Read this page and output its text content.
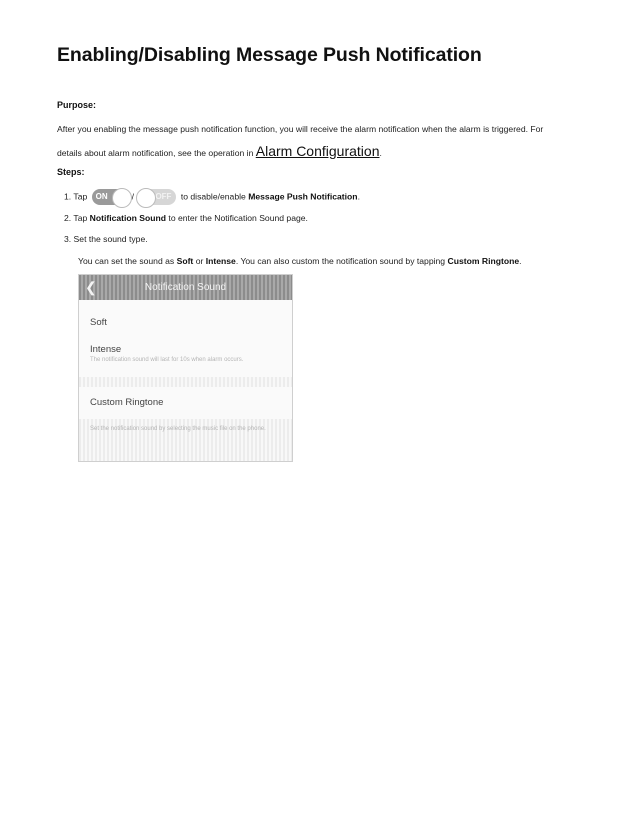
Enabling/Disabling Message Push Notification
Purpose:
After you enabling the message push notification function, you will receive the alarm notification when the alarm is triggered. For
details about alarm notification, see the operation in Alarm Configuration.
Steps:
1. Tap ON	/	OFF to disable/enable Message Push Notification.
2. Tap Notification Sound to enter the Notification Sound page.
3. Set the sound type.
You can set the sound as Soft or Intense. You can also custom the notification sound by tapping Custom Ringtone.
❮	Notification Sound
Soft
Intense
The notification sound will last for 10s when alarm occurs.
Custom Ringtone
Set the notification sound by selecting the music file on the phone.
